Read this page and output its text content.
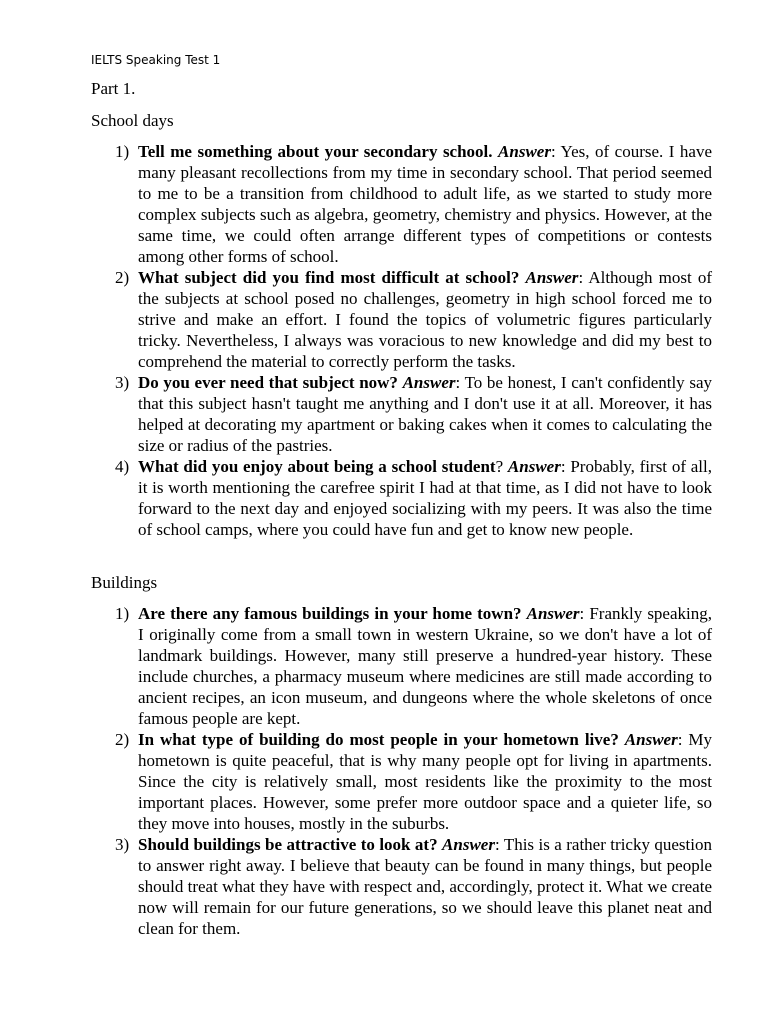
IELTS Speaking Test 1

Part 1.

School days

1) Tell me something about your secondary school. Answer: Yes, of course. I have many pleasant recollections from my time in secondary school. That period seemed to me to be a transition from childhood to adult life, as we started to study more complex subjects such as algebra, geometry, chemistry and physics. However, at the same time, we could often arrange different types of competitions or contests among other forms of school.
2) What subject did you find most difficult at school? Answer: Although most of the subjects at school posed no challenges, geometry in high school forced me to strive and make an effort. I found the topics of volumetric figures particularly tricky. Nevertheless, I always was voracious to new knowledge and did my best to comprehend the material to correctly perform the tasks.
3) Do you ever need that subject now? Answer: To be honest, I can't confidently say that this subject hasn't taught me anything and I don't use it at all. Moreover, it has helped at decorating my apartment or baking cakes when it comes to calculating the size or radius of the pastries.
4) What did you enjoy about being a school student? Answer: Probably, first of all, it is worth mentioning the carefree spirit I had at that time, as I did not have to look forward to the next day and enjoyed socializing with my peers. It was also the time of school camps, where you could have fun and get to know new people.

Buildings

1) Are there any famous buildings in your home town? Answer: Frankly speaking, I originally come from a small town in western Ukraine, so we don't have a lot of landmark buildings. However, many still preserve a hundred-year history. These include churches, a pharmacy museum where medicines are still made according to ancient recipes, an icon museum, and dungeons where the whole skeletons of once famous people are kept.
2) In what type of building do most people in your hometown live? Answer: My hometown is quite peaceful, that is why many people opt for living in apartments. Since the city is relatively small, most residents like the proximity to the most important places. However, some prefer more outdoor space and a quieter life, so they move into houses, mostly in the suburbs.
3) Should buildings be attractive to look at? Answer: This is a rather tricky question to answer right away. I believe that beauty can be found in many things, but people should treat what they have with respect and, accordingly, protect it. What we create now will remain for our future generations, so we should leave this planet neat and clean for them.
